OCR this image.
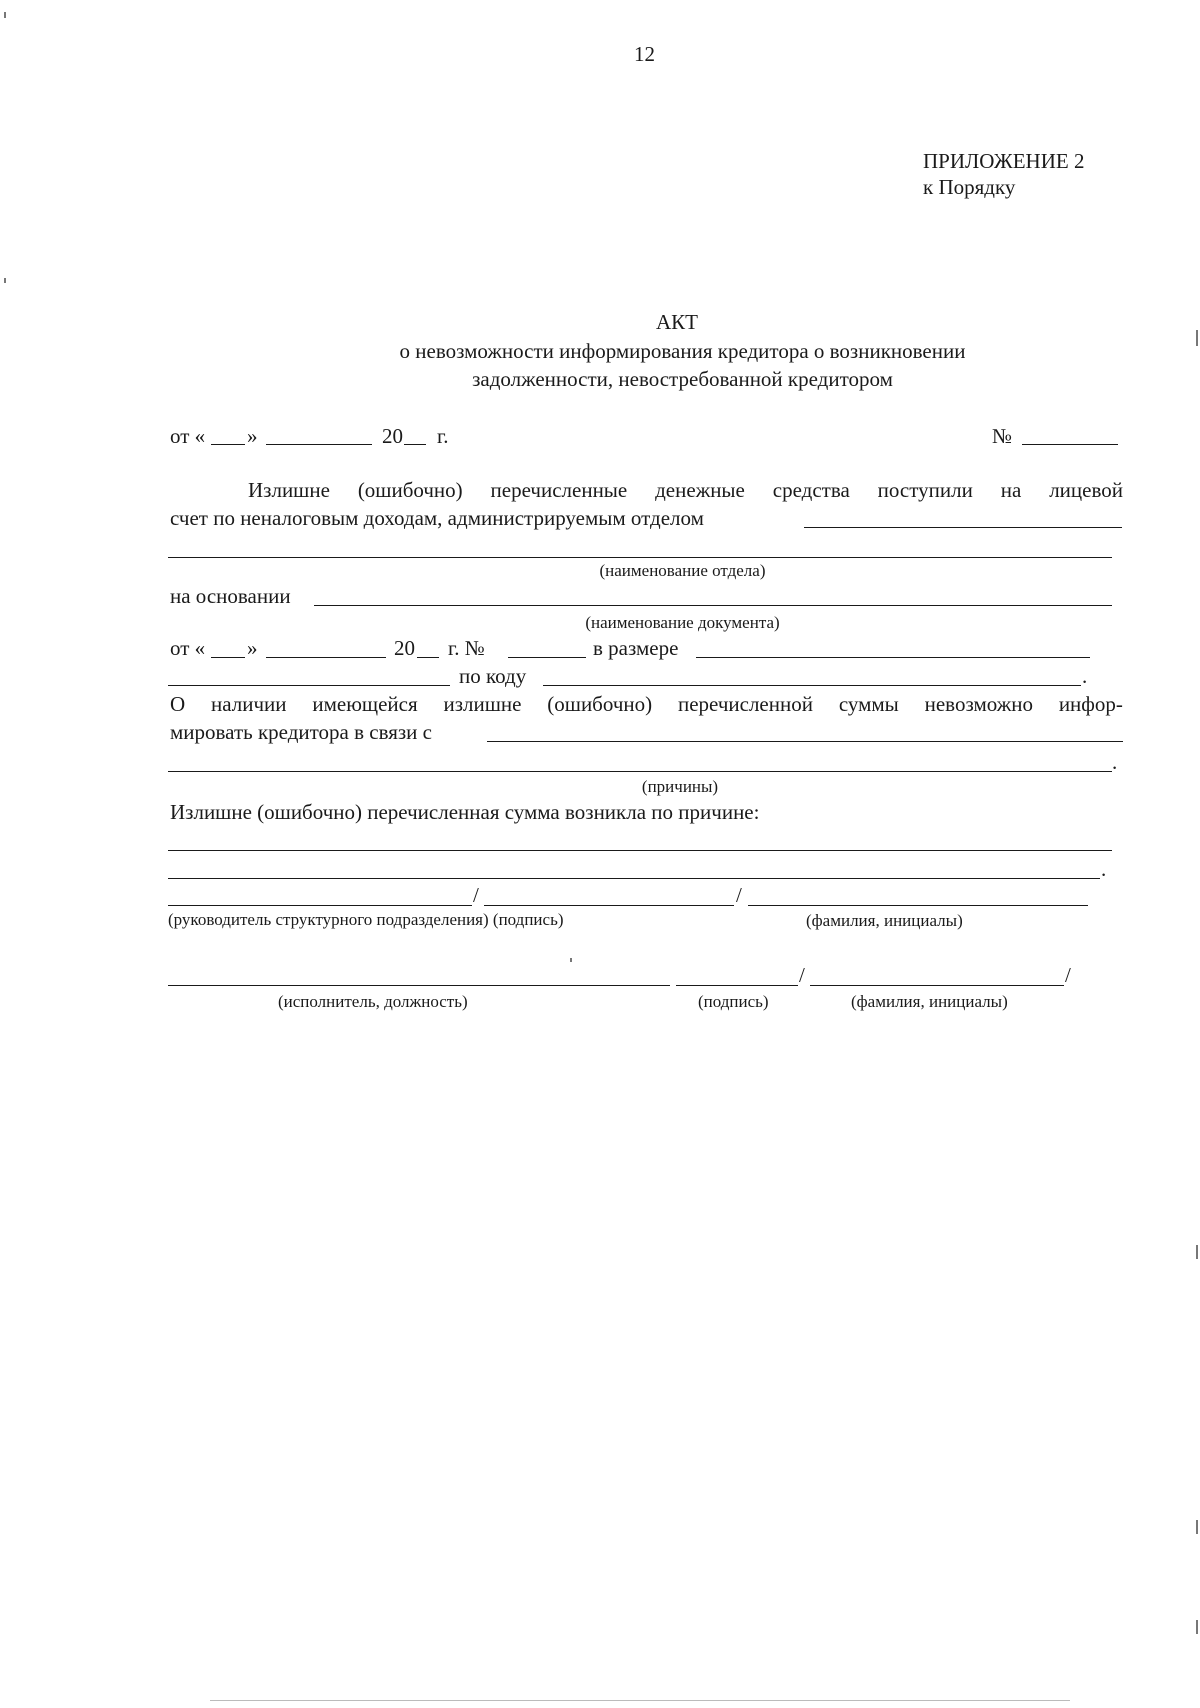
12
ПРИЛОЖЕНИЕ 2
к Порядку
АКТ
о невозможности информирования кредитора о возникновении
задолженности, невостребованной кредитором
от « »	20 г.	№
Излишне (ошибочно) перечисленные денежные средства поступили на лицевой
счет по неналоговым доходам, администрируемым отделом
(наименование отдела)
на основании
(наименование документа)
от « »	20 г. №	в размере
по коду	.
О наличии имеющейся излишне (ошибочно) перечисленной суммы невозможно инфор-
мировать кредитора в связи с
.
(причины)
Излишне (ошибочно) перечисленная сумма возникла по причине:
.
/	/
(руководитель структурного подразделения) (подпись)	(фамилия, инициалы)
/	/
(исполнитель, должность)	(подпись)	(фамилия, инициалы)
